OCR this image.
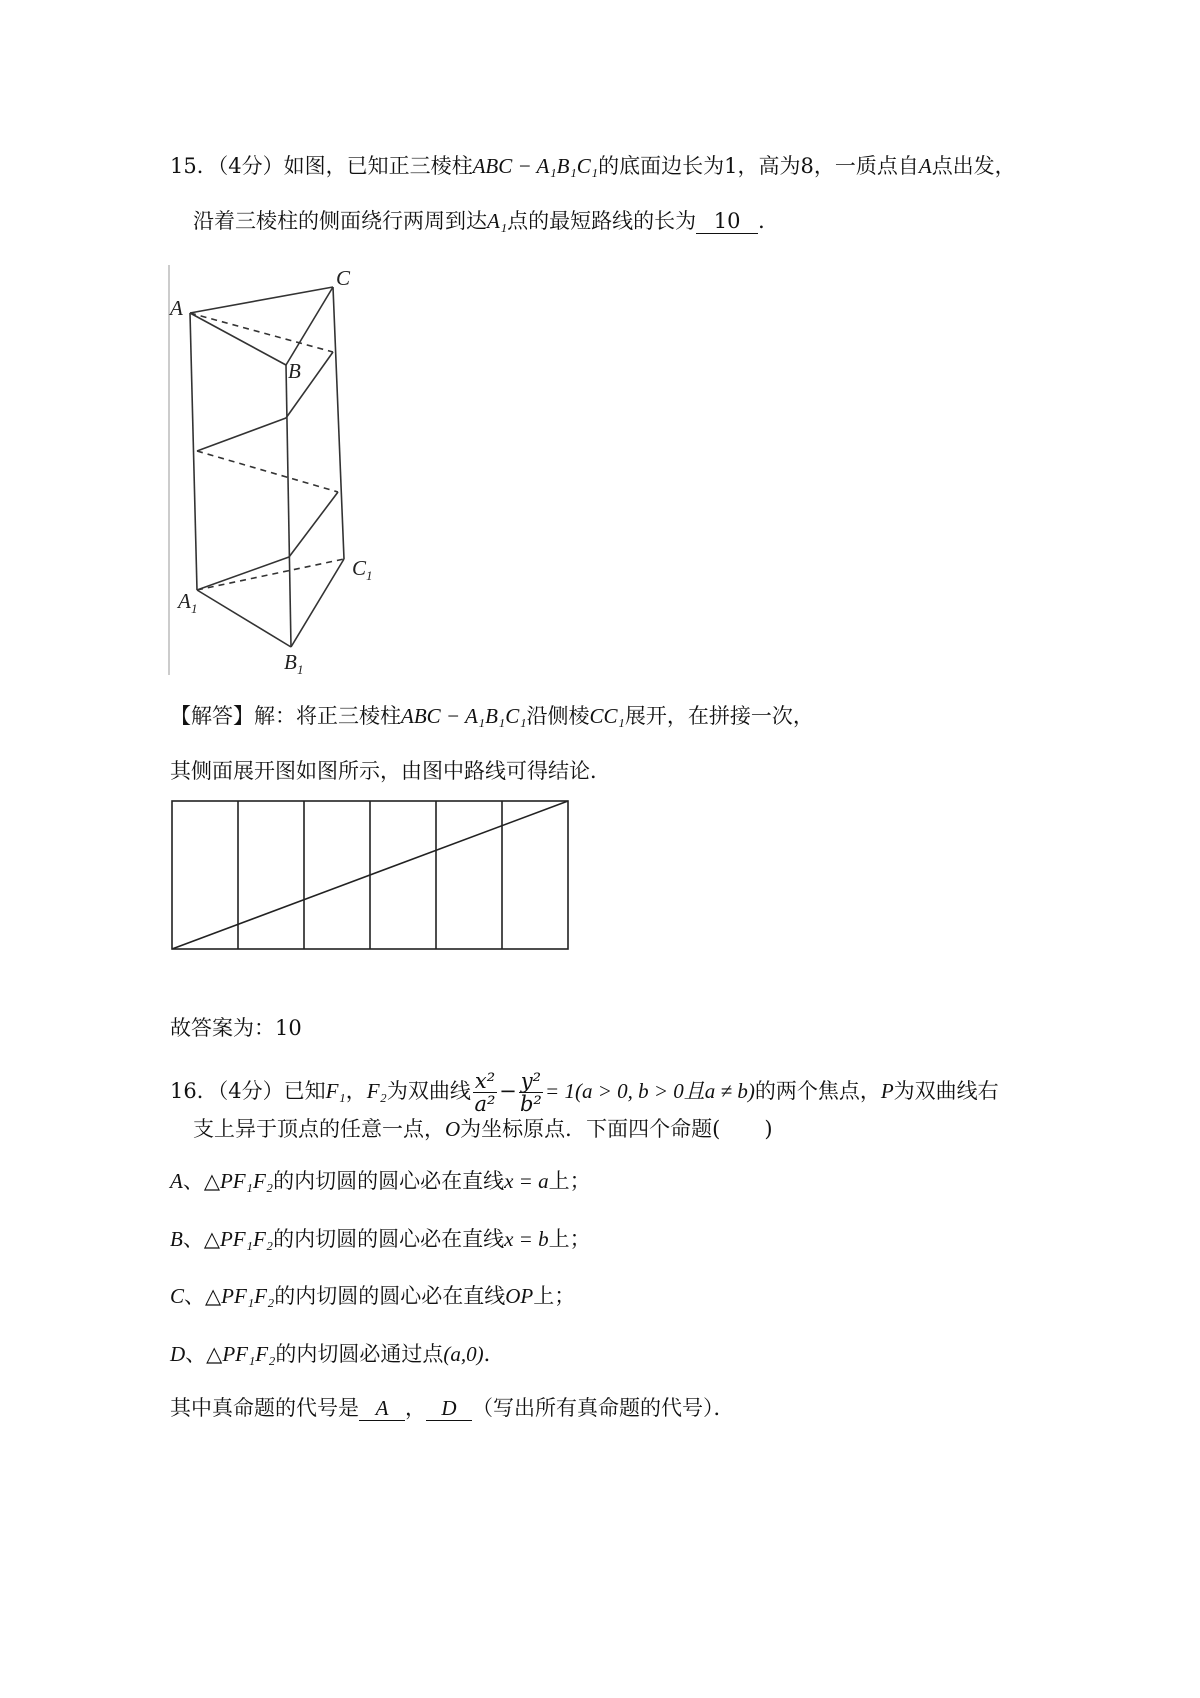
15．（4分）如图，已知正三棱柱ABC − A₁B₁C₁的底面边长为1，高为8，一质点自A点出发，
沿着三棱柱的侧面绕行两周到达A₁点的最短路线的长为 10 ．
A
B
C
A 1
B 1
C 1
【解答】解：将正三棱柱ABC − A₁B₁C₁沿侧棱CC₁展开，在拼接一次，
其侧面展开图如图所示，由图中路线可得结论．
故答案为：10
16．（4分）已知F₁，F₂为双曲线 $\frac{\text{x²}}{\text{a²}} - \frac{\text{y²}}{\text{b²}} = 1(a > 0$, b > 0且a ≠ b)的两个焦点，P为双曲线右
支上异于顶点的任意一点，O为坐标原点．下面四个命题( )
A、△PF₁F₂的内切圆的圆心必在直线x = a上；
B、△PF₁F₂的内切圆的圆心必在直线x = b上；
C、△PF₁F₂的内切圆的圆心必在直线OP上；
D、△PF₁F₂的内切圆必通过点(a,0)．
其中真命题的代号是 A ， D （写出所有真命题的代号）．
